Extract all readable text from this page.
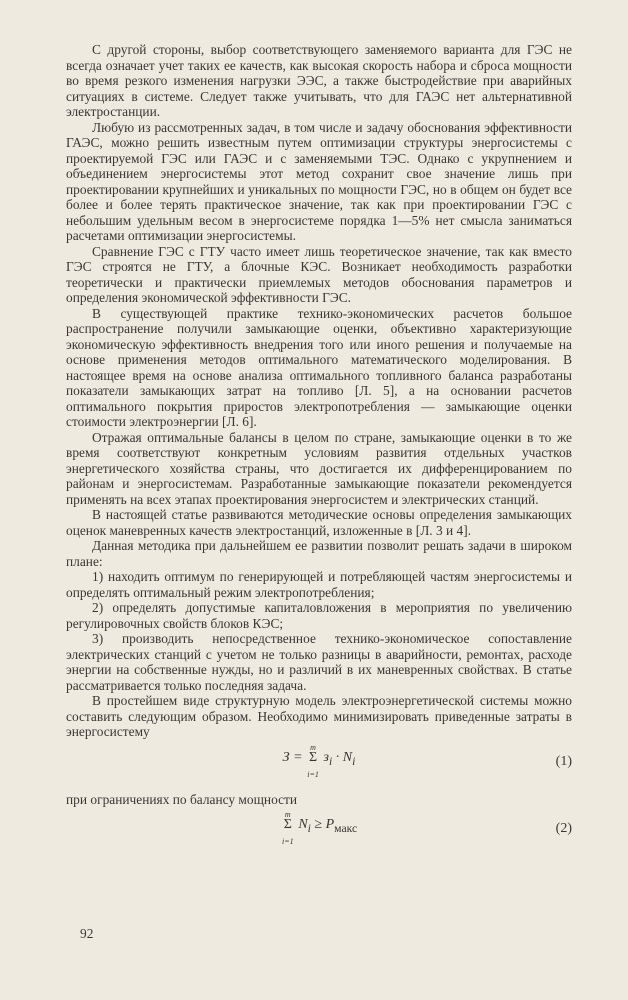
С другой стороны, выбор соответствующего заменяемого варианта для ГЭС не всегда означает учет таких ее качеств, как высокая скорость набора и сброса мощности во время резкого изменения нагрузки ЭЭС, а также быстродействие при аварийных ситуациях в системе. Следует также учитывать, что для ГАЭС нет альтернативной электростанции.

Любую из рассмотренных задач, в том числе и задачу обоснования эффективности ГАЭС, можно решить известным путем оптимизации структуры энергосистемы с проектируемой ГЭС или ГАЭС и с заменяемыми ТЭС. Однако с укрупнением и объединением энергосистемы этот метод сохранит свое значение лишь при проектировании крупнейших и уникальных по мощности ГЭС, но в общем он будет все более и более терять практическое значение, так как при проектировании ГЭС с небольшим удельным весом в энергосистеме порядка 1—5% нет смысла заниматься расчетами оптимизации энергосистемы.

Сравнение ГЭС с ГТУ часто имеет лишь теоретическое значение, так как вместо ГЭС строятся не ГТУ, а блочные КЭС. Возникает необходимость разработки теоретически и практически приемлемых методов обоснования параметров и определения экономической эффективности ГЭС.

В существующей практике технико-экономических расчетов большое распространение получили замыкающие оценки, объективно характеризующие экономическую эффективность внедрения того или иного решения и получаемые на основе применения методов оптимального математического моделирования. В настоящее время на основе анализа оптимального топливного баланса разработаны показатели замыкающих затрат на топливо [Л. 5], а на основании расчетов оптимального покрытия приростов электропотребления — замыкающие оценки стоимости электроэнергии [Л. 6].

Отражая оптимальные балансы в целом по стране, замыкающие оценки в то же время соответствуют конкретным условиям развития отдельных участков энергетического хозяйства страны, что достигается их дифференцированием по районам и энергосистемам. Разработанные замыкающие показатели рекомендуется применять на всех этапах проектирования энергосистем и электрических станций.

В настоящей статье развиваются методические основы определения замыкающих оценок маневренных качеств электростанций, изложенные в [Л. 3 и 4].

Данная методика при дальнейшем ее развитии позволит решать задачи в широком плане:

1) находить оптимум по генерирующей и потребляющей частям энергосистемы и определять оптимальный режим электропотребления;

2) определять допустимые капиталовложения в мероприятия по увеличению регулировочных свойств блоков КЭС;

3) производить непосредственное технико-экономическое сопоставление электрических станций с учетом не только разницы в аварийности, ремонтах, расходе энергии на собственные нужды, но и различий в их маневренных свойствах. В статье рассматривается только последняя задача.

В простейшем виде структурную модель электроэнергетической системы можно составить следующим образом. Необходимо минимизировать приведенные затраты в энергосистему

З = Σ
m
i=1
$з_i \cdot N_i$	(1)

при ограничениях по балансу мощности

Σ
m
i=1
$N_i \ge P_{макс}$	(2)
92
